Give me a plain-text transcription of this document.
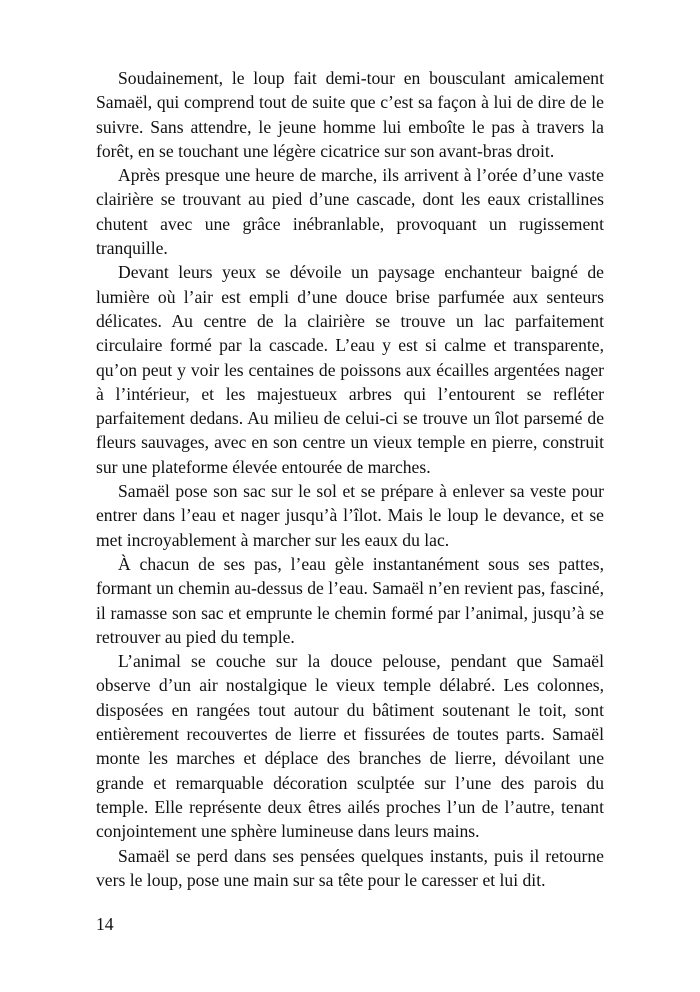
Soudainement, le loup fait demi-tour en bousculant amicalement Samaël, qui comprend tout de suite que c’est sa façon à lui de dire de le suivre. Sans attendre, le jeune homme lui emboîte le pas à travers la forêt, en se touchant une légère cicatrice sur son avant-bras droit.

Après presque une heure de marche, ils arrivent à l’orée d’une vaste clairière se trouvant au pied d’une cascade, dont les eaux cristallines chutent avec une grâce inébranlable, provoquant un rugissement tranquille.

Devant leurs yeux se dévoile un paysage enchanteur baigné de lumière où l’air est empli d’une douce brise parfumée aux senteurs délicates. Au centre de la clairière se trouve un lac parfaitement circulaire formé par la cascade. L’eau y est si calme et transparente, qu’on peut y voir les centaines de poissons aux écailles argentées nager à l’intérieur, et les majestueux arbres qui l’entourent se refléter parfaitement dedans. Au milieu de celui-ci se trouve un îlot parsemé de fleurs sauvages, avec en son centre un vieux temple en pierre, construit sur une plateforme élevée entourée de marches.

Samaël pose son sac sur le sol et se prépare à enlever sa veste pour entrer dans l’eau et nager jusqu’à l’îlot. Mais le loup le devance, et se met incroyablement à marcher sur les eaux du lac.

À chacun de ses pas, l’eau gèle instantanément sous ses pattes, formant un chemin au-dessus de l’eau. Samaël n’en revient pas, fasciné, il ramasse son sac et emprunte le chemin formé par l’animal, jusqu’à se retrouver au pied du temple.

L’animal se couche sur la douce pelouse, pendant que Samaël observe d’un air nostalgique le vieux temple délabré. Les colonnes, disposées en rangées tout autour du bâtiment soutenant le toit, sont entièrement recouvertes de lierre et fissurées de toutes parts. Samaël monte les marches et déplace des branches de lierre, dévoilant une grande et remarquable décoration sculptée sur l’une des parois du temple. Elle représente deux êtres ailés proches l’un de l’autre, tenant conjointement une sphère lumineuse dans leurs mains.

Samaël se perd dans ses pensées quelques instants, puis il retourne vers le loup, pose une main sur sa tête pour le caresser et lui dit.

14
